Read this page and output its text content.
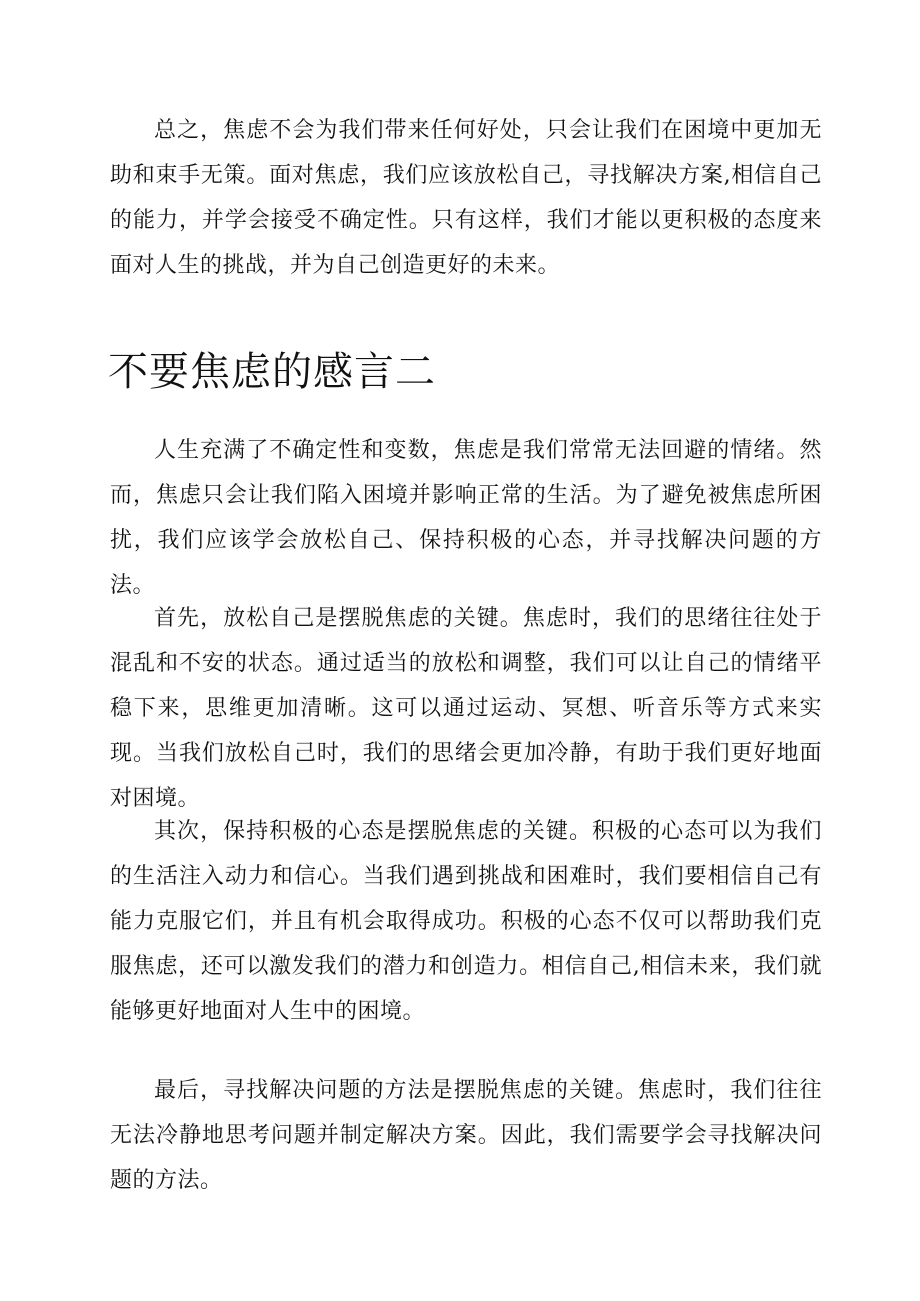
总之，焦虑不会为我们带来任何好处，只会让我们在困境中更加无助和束手无策。面对焦虑，我们应该放松自己，寻找解决方案,相信自己的能力，并学会接受不确定性。只有这样，我们才能以更积极的态度来面对人生的挑战，并为自己创造更好的未来。

不要焦虑的感言二

人生充满了不确定性和变数，焦虑是我们常常无法回避的情绪。然而，焦虑只会让我们陷入困境并影响正常的生活。为了避免被焦虑所困扰，我们应该学会放松自己、保持积极的心态，并寻找解决问题的方法。

首先，放松自己是摆脱焦虑的关键。焦虑时，我们的思绪往往处于混乱和不安的状态。通过适当的放松和调整，我们可以让自己的情绪平稳下来，思维更加清晰。这可以通过运动、冥想、听音乐等方式来实现。当我们放松自己时，我们的思绪会更加冷静，有助于我们更好地面对困境。

其次，保持积极的心态是摆脱焦虑的关键。积极的心态可以为我们的生活注入动力和信心。当我们遇到挑战和困难时，我们要相信自己有能力克服它们，并且有机会取得成功。积极的心态不仅可以帮助我们克服焦虑，还可以激发我们的潜力和创造力。相信自己,相信未来，我们就能够更好地面对人生中的困境。

最后，寻找解决问题的方法是摆脱焦虑的关键。焦虑时，我们往往无法冷静地思考问题并制定解决方案。因此，我们需要学会寻找解决问题的方法。
